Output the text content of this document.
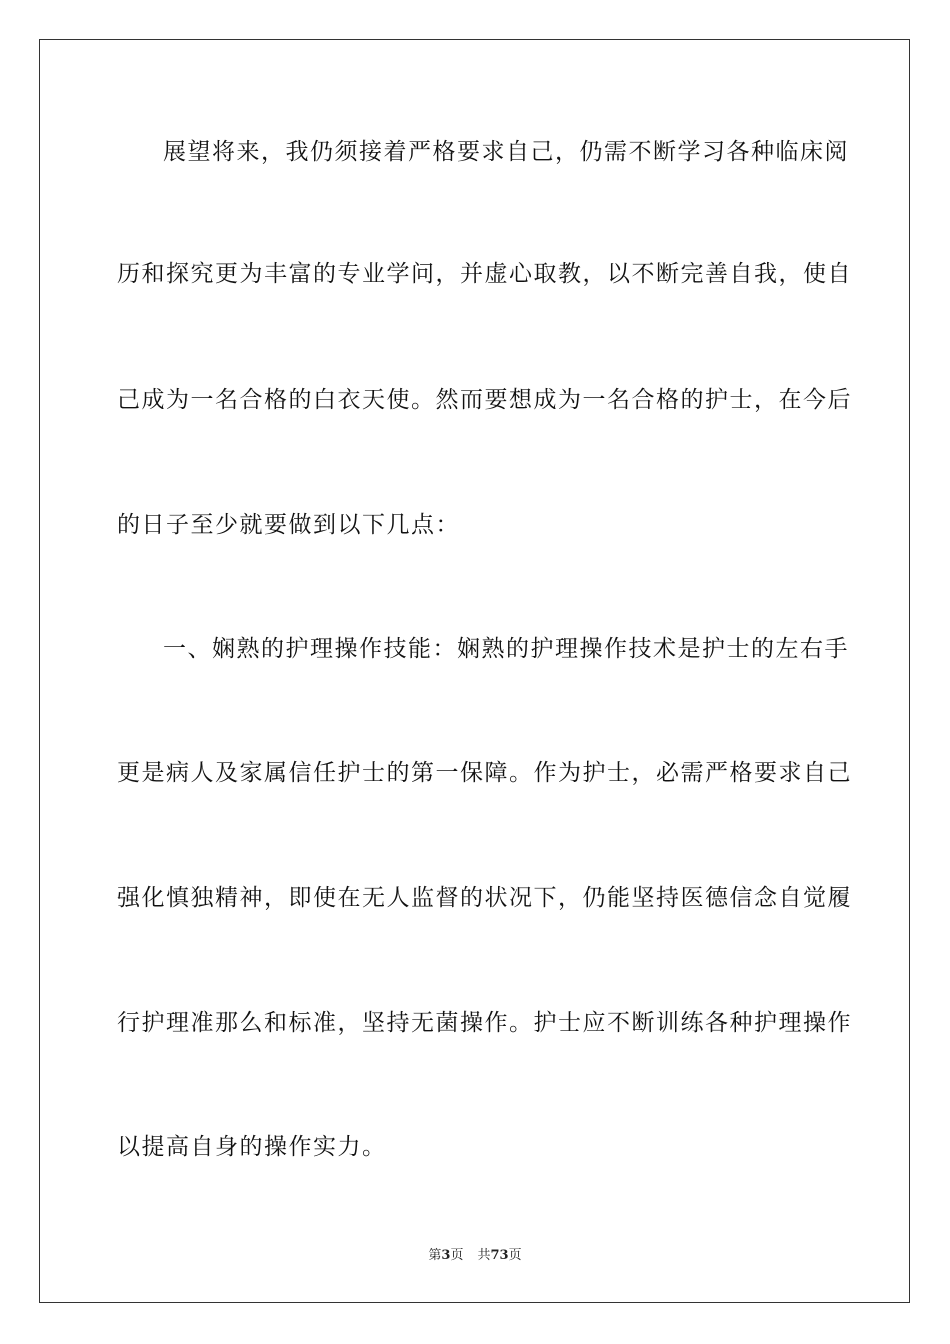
展望将来，我仍须接着严格要求自己，仍需不断学习各种临床阅
历和探究更为丰富的专业学问，并虚心取教，以不断完善自我，使自
己成为一名合格的白衣天使。然而要想成为一名合格的护士，在今后
的日子至少就要做到以下几点：
一、娴熟的护理操作技能：娴熟的护理操作技术是护士的左右手
更是病人及家属信任护士的第一保障。作为护士，必需严格要求自己
强化慎独精神，即使在无人监督的状况下，仍能坚持医德信念自觉履
行护理准那么和标准，坚持无菌操作。护士应不断训练各种护理操作
以提高自身的操作实力。
第3页 共73页
